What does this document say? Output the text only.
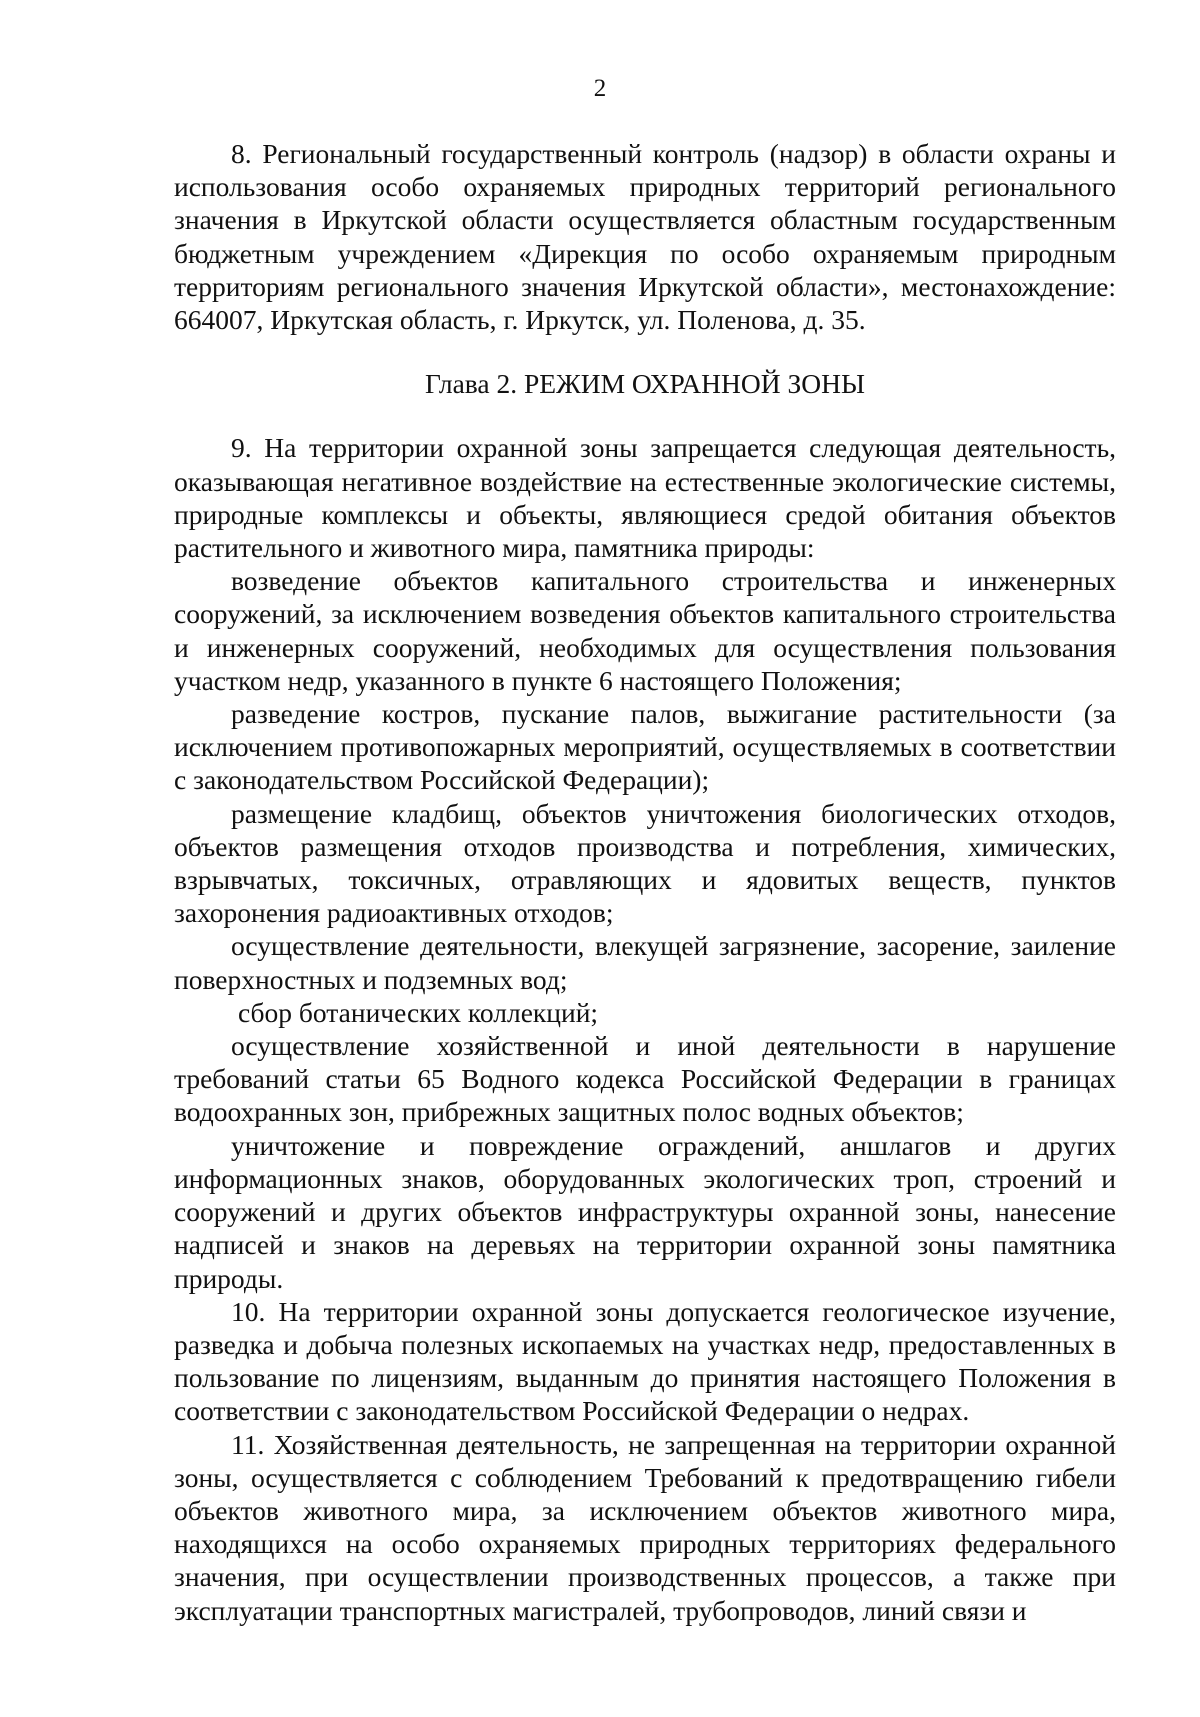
2

8. Региональный государственный контроль (надзор) в области охраны и использования особо охраняемых природных территорий регионального значения в Иркутской области осуществляется областным государственным бюджетным учреждением «Дирекция по особо охраняемым природным территориям регионального значения Иркутской области», местонахождение: 664007, Иркутская область, г. Иркутск, ул. Поленова, д. 35.

Глава 2. РЕЖИМ ОХРАННОЙ ЗОНЫ

9. На территории охранной зоны запрещается следующая деятельность, оказывающая негативное воздействие на естественные экологические системы, природные комплексы и объекты, являющиеся средой обитания объектов растительного и животного мира, памятника природы:

возведение объектов капитального строительства и инженерных сооружений, за исключением возведения объектов капитального строительства и инженерных сооружений, необходимых для осуществления пользования участком недр, указанного в пункте 6 настоящего Положения;

разведение костров, пускание палов, выжигание растительности (за исключением противопожарных мероприятий, осуществляемых в соответствии с законодательством Российской Федерации);

размещение кладбищ, объектов уничтожения биологических отходов, объектов размещения отходов производства и потребления, химических, взрывчатых, токсичных, отравляющих и ядовитых веществ, пунктов захоронения радиоактивных отходов;

осуществление деятельности, влекущей загрязнение, засорение, заиление поверхностных и подземных вод;

сбор ботанических коллекций;

осуществление хозяйственной и иной деятельности в нарушение требований статьи 65 Водного кодекса Российской Федерации в границах водоохранных зон, прибрежных защитных полос водных объектов;

уничтожение и повреждение ограждений, аншлагов и других информационных знаков, оборудованных экологических троп, строений и сооружений и других объектов инфраструктуры охранной зоны, нанесение надписей и знаков на деревьях на территории охранной зоны памятника природы.

10. На территории охранной зоны допускается геологическое изучение, разведка и добыча полезных ископаемых на участках недр, предоставленных в пользование по лицензиям, выданным до принятия настоящего Положения в соответствии с законодательством Российской Федерации о недрах.

11. Хозяйственная деятельность, не запрещенная на территории охранной зоны, осуществляется с соблюдением Требований к предотвращению гибели объектов животного мира, за исключением объектов животного мира, находящихся на особо охраняемых природных территориях федерального значения, при осуществлении производственных процессов, а также при эксплуатации транспортных магистралей, трубопроводов, линий связи и
